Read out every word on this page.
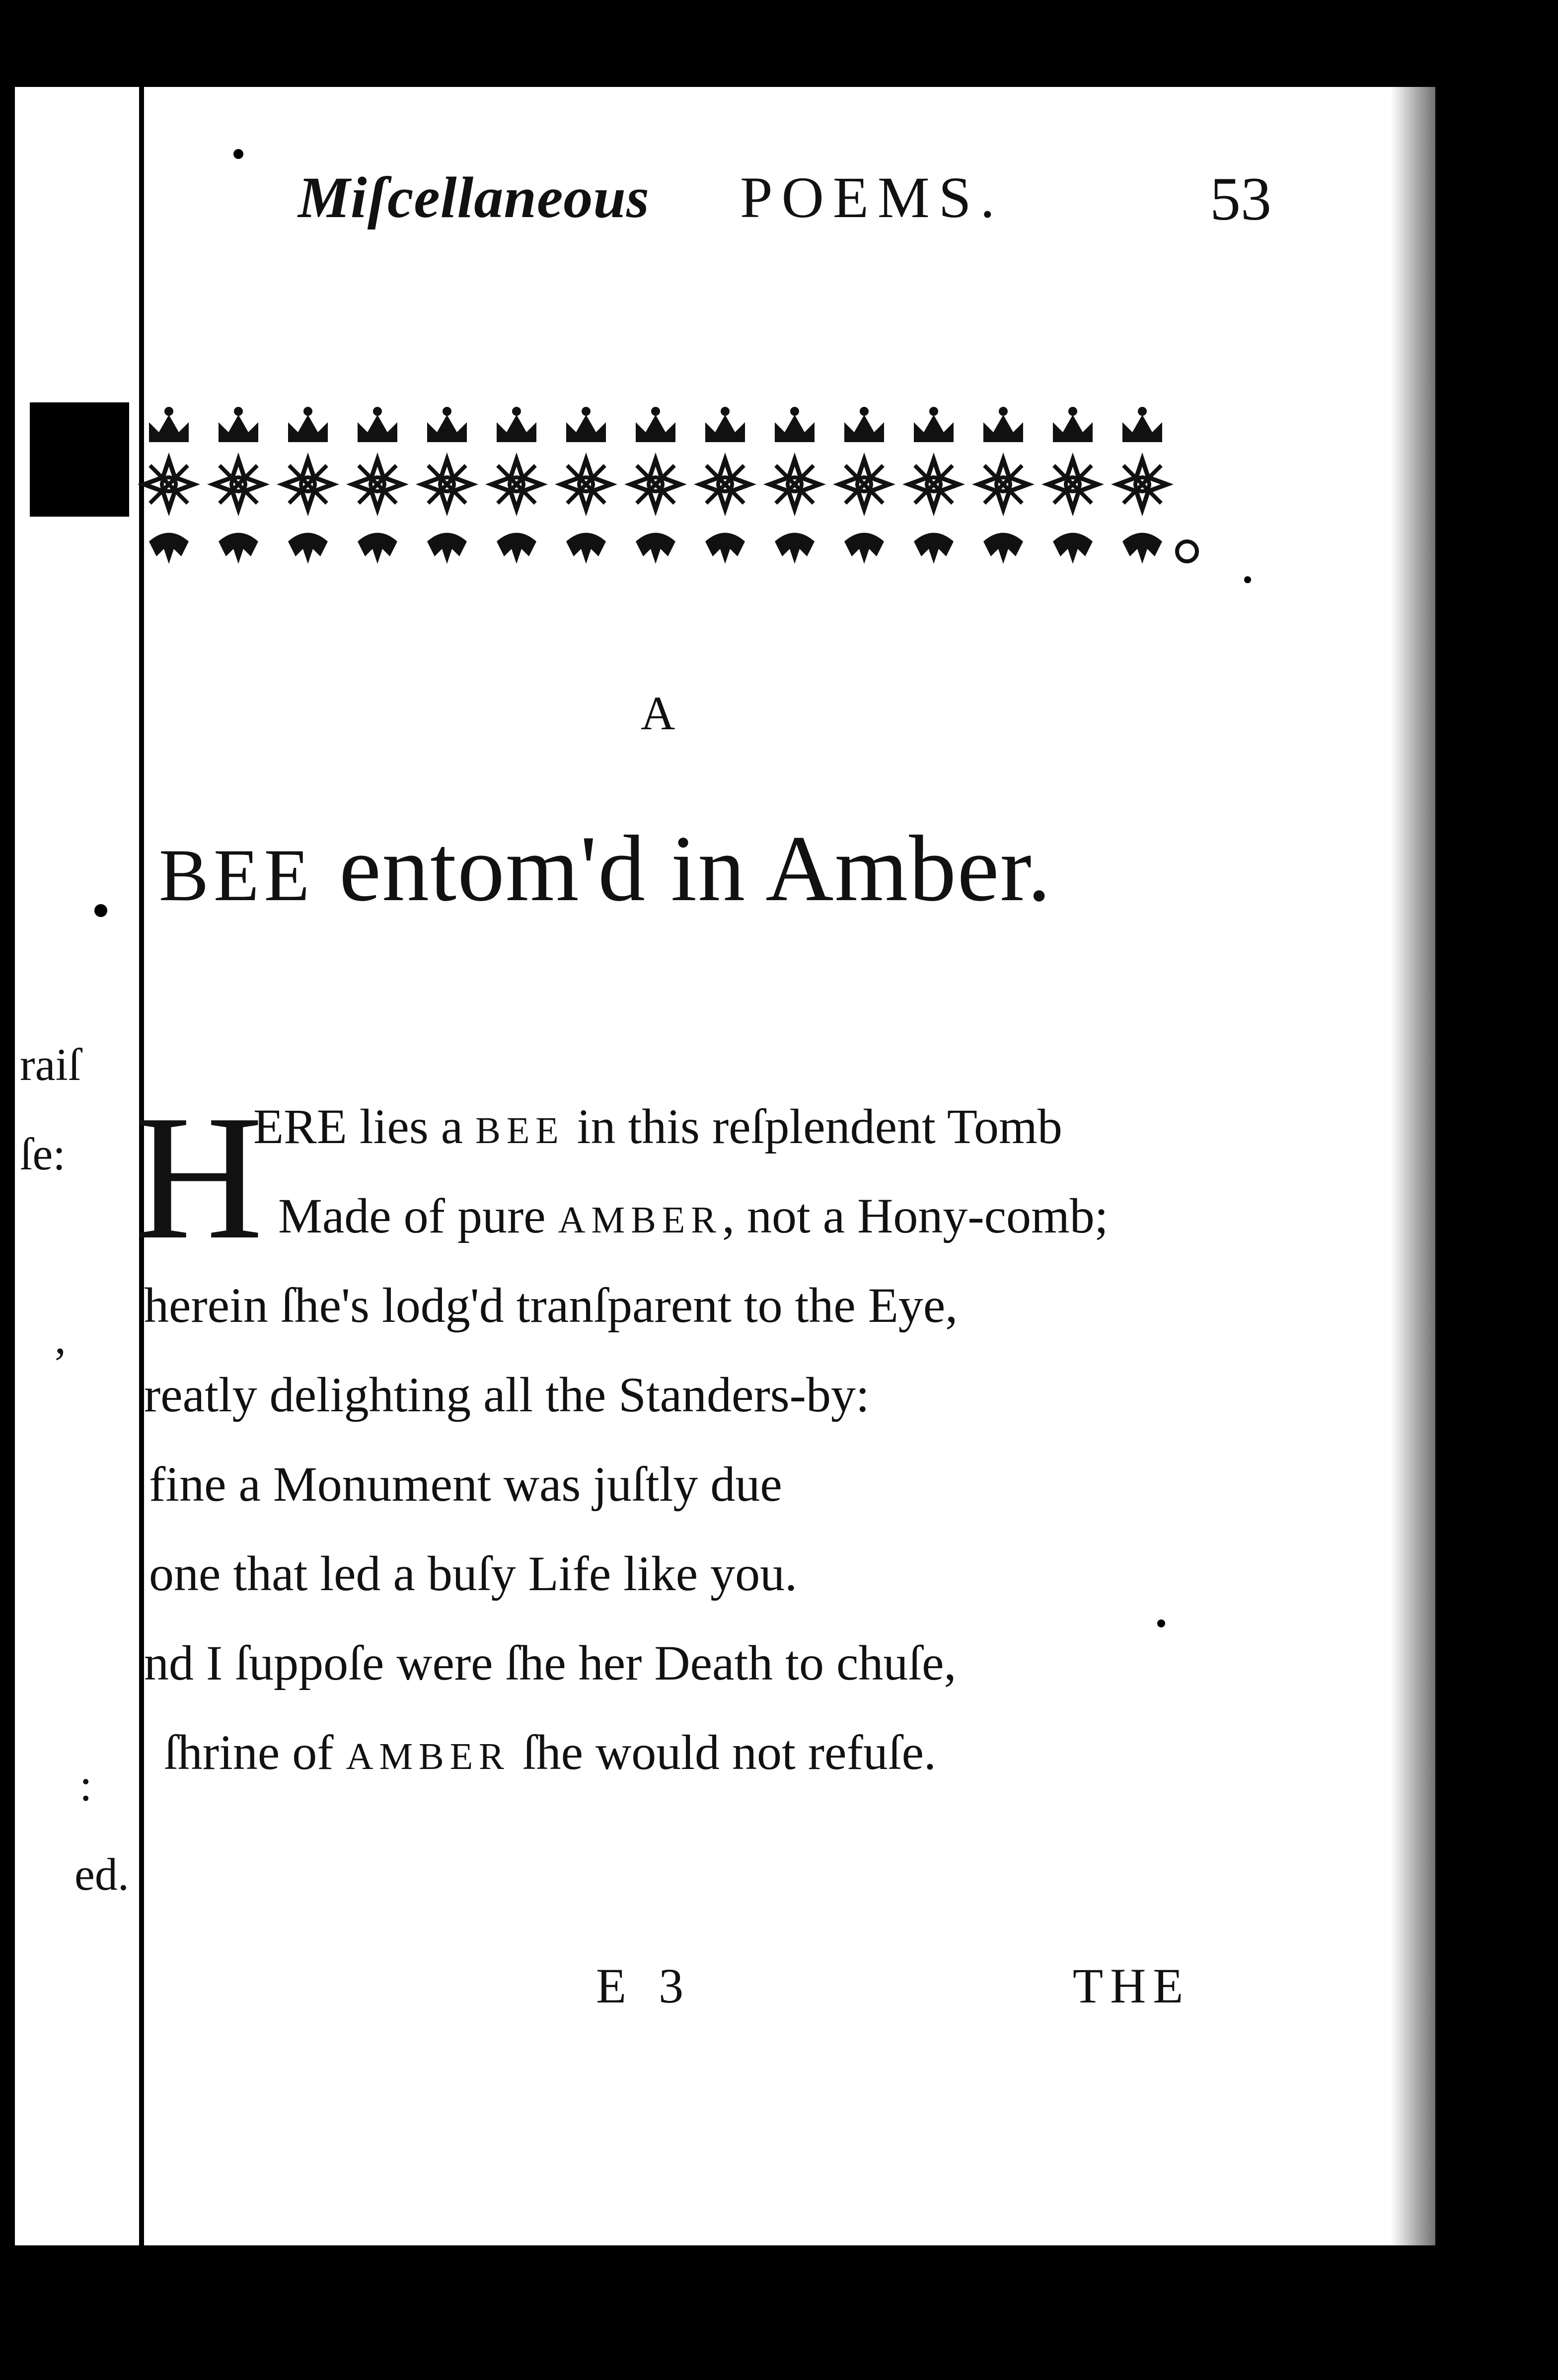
raiſ
ſe:
,
:
ed.
Miſcellaneous POEMS.	53
A
BEE entom'd in Amber.
H
ERE lies a BEE in this reſplendent Tomb
Made of pure AMBER, not a Hony-comb;
herein ſhe's lodg'd tranſparent to the Eye,
reatly delighting all the Standers-by:
fine a Monument was juſtly due
one that led a buſy Life like you.
nd I ſuppoſe were ſhe her Death to chuſe,
ſhrine of AMBER ſhe would not refuſe.
E 3	THE
